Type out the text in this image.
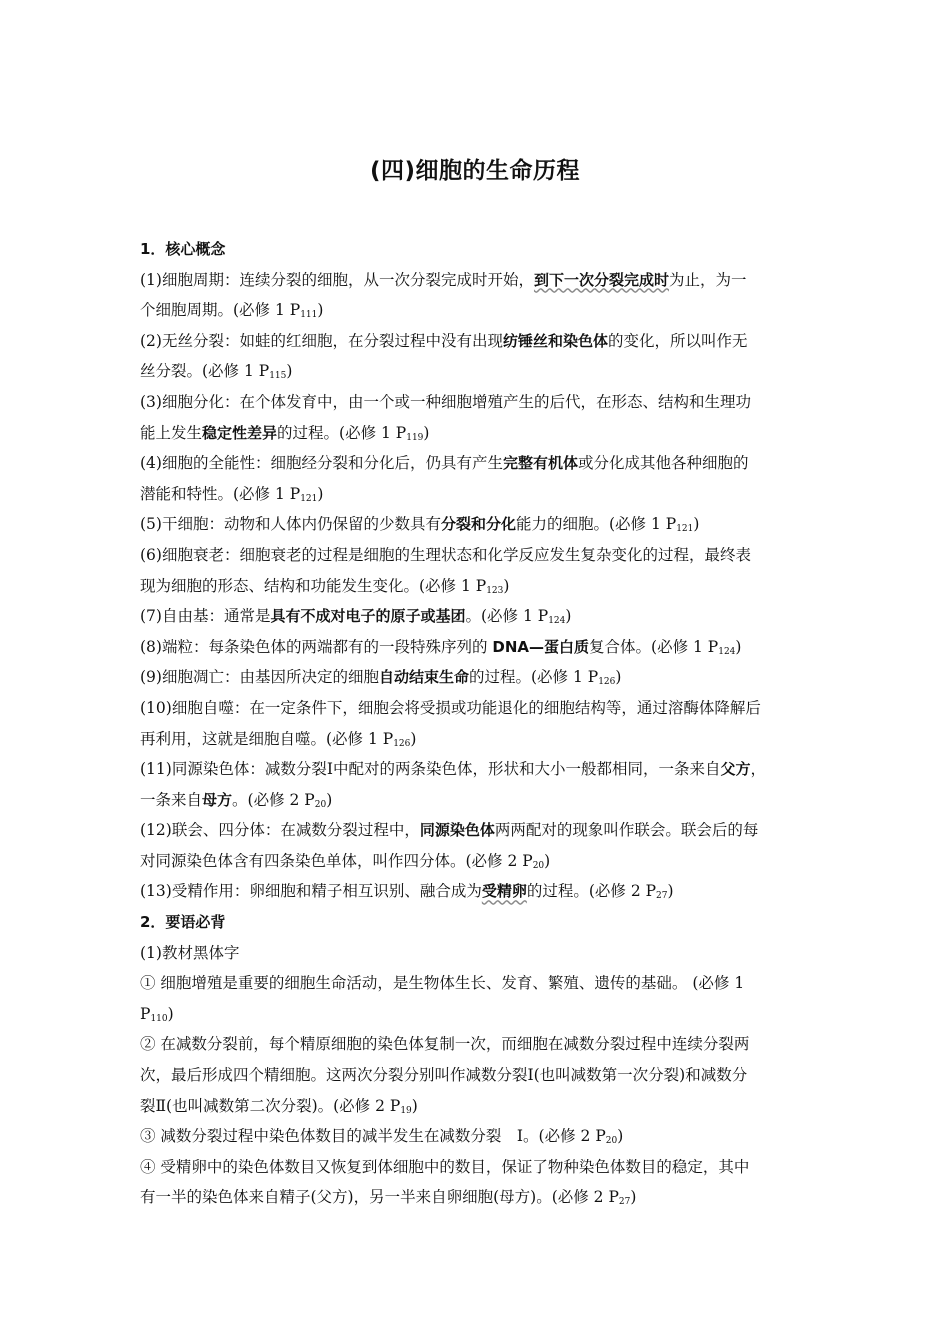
(四)细胞的生命历程
1．核心概念
(1)细胞周期：连续分裂的细胞，从一次分裂完成时开始，到下一次分裂完成时为止，为一
个细胞周期。(必修 1 $P_{111}$)
(2)无丝分裂：如蛙的红细胞，在分裂过程中没有出现纺锤丝和染色体的变化，所以叫作无
丝分裂。(必修 1 $P_{115}$)
(3)细胞分化：在个体发育中，由一个或一种细胞增殖产生的后代，在形态、结构和生理功
能上发生稳定性差异的过程。(必修 1 $P_{119}$)
(4)细胞的全能性：细胞经分裂和分化后，仍具有产生完整有机体或分化成其他各种细胞的
潜能和特性。(必修 1 $P_{121}$)
(5)干细胞：动物和人体内仍保留的少数具有分裂和分化能力的细胞。(必修 1 $P_{121}$)
(6)细胞衰老：细胞衰老的过程是细胞的生理状态和化学反应发生复杂变化的过程，最终表
现为细胞的形态、结构和功能发生变化。(必修 1 $P_{123}$)
(7)自由基：通常是具有不成对电子的原子或基团。(必修 1 $P_{124}$)
(8)端粒：每条染色体的两端都有的一段特殊序列的 DNA—蛋白质复合体。(必修 1 $P_{124}$)
(9)细胞凋亡：由基因所决定的细胞自动结束生命的过程。(必修 1 $P_{126}$)
(10)细胞自噬：在一定条件下，细胞会将受损或功能退化的细胞结构等，通过溶酶体降解后
再利用，这就是细胞自噬。(必修 1 $P_{126}$)
(11)同源染色体：减数分裂Ⅰ中配对的两条染色体，形状和大小一般都相同，一条来自父方，
一条来自母方。(必修 2 $P_{20}$)
(12)联会、四分体：在减数分裂过程中，同源染色体两两配对的现象叫作联会。联会后的每
对同源染色体含有四条染色单体，叫作四分体。(必修 2 $P_{20}$)
(13)受精作用：卵细胞和精子相互识别、融合成为受精卵的过程。(必修 2 $P_{27}$)
2．要语必背
(1)教材黑体字
① 细胞增殖是重要的细胞生命活动，是生物体生长、发育、繁殖、遗传的基础。 (必修 1
$P_{110}$)
② 在减数分裂前，每个精原细胞的染色体复制一次，而细胞在减数分裂过程中连续分裂两
次，最后形成四个精细胞。这两次分裂分别叫作减数分裂Ⅰ(也叫减数第一次分裂)和减数分
裂Ⅱ(也叫减数第二次分裂)。(必修 2 $P_{19}$)
③ 减数分裂过程中染色体数目的减半发生在减数分裂　Ⅰ。(必修 2 $P_{20}$)
④ 受精卵中的染色体数目又恢复到体细胞中的数目，保证了物种染色体数目的稳定，其中
有一半的染色体来自精子(父方)，另一半来自卵细胞(母方)。(必修 2 $P_{27}$)
